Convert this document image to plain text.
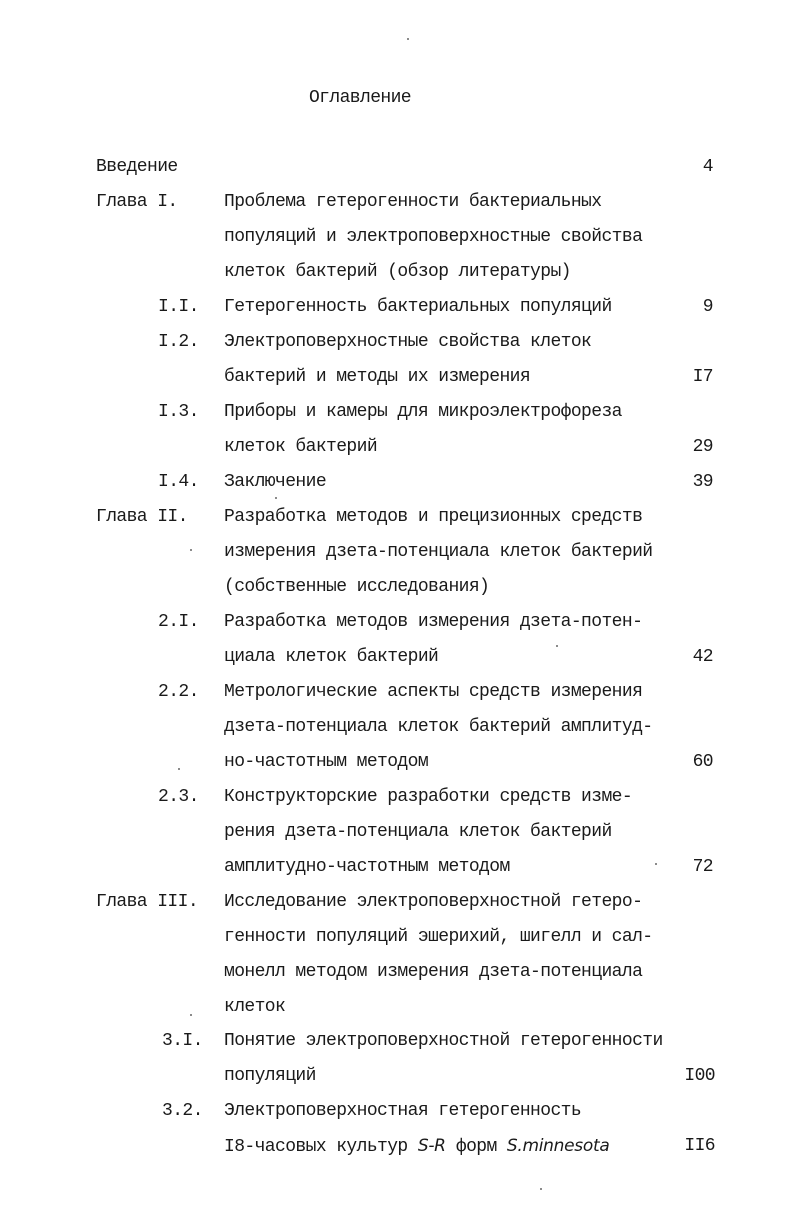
Оглавление
Введение	4
Глава I.	Проблема гетерогенности бактериальных
популяций и электроповерхностные свойства
клеток бактерий (обзор литературы)
I.I. Гетерогенность бактериальных популяций	9
I.2. Электроповерхностные свойства клеток
бактерий и методы их измерения	I7
I.3. Приборы и камеры для микроэлектрофореза
клеток бактерий	29
I.4. Заключение	39
Глава II. Разработка методов и прецизионных средств
измерения дзета-потенциала клеток бактерий
(собственные исследования)
2.I. Разработка методов измерения дзета-потен-
циала клеток бактерий	42
2.2. Метрологические аспекты средств измерения
дзета-потенциала клеток бактерий амплитуд-
но-частотным методом	60
2.3. Конструкторские разработки средств изме-
рения дзета-потенциала клеток бактерий
амплитудно-частотным методом	72
Глава III. Исследование электроповерхностной гетеро-
генности популяций эшерихий, шигелл и сал-
монелл методом измерения дзета-потенциала
клеток
3.I. Понятие электроповерхностной гетерогенности
популяций	I00
3.2. Электроповерхностная гетерогенность
I8-часовых культур S-R форм S.minnesota	II6
